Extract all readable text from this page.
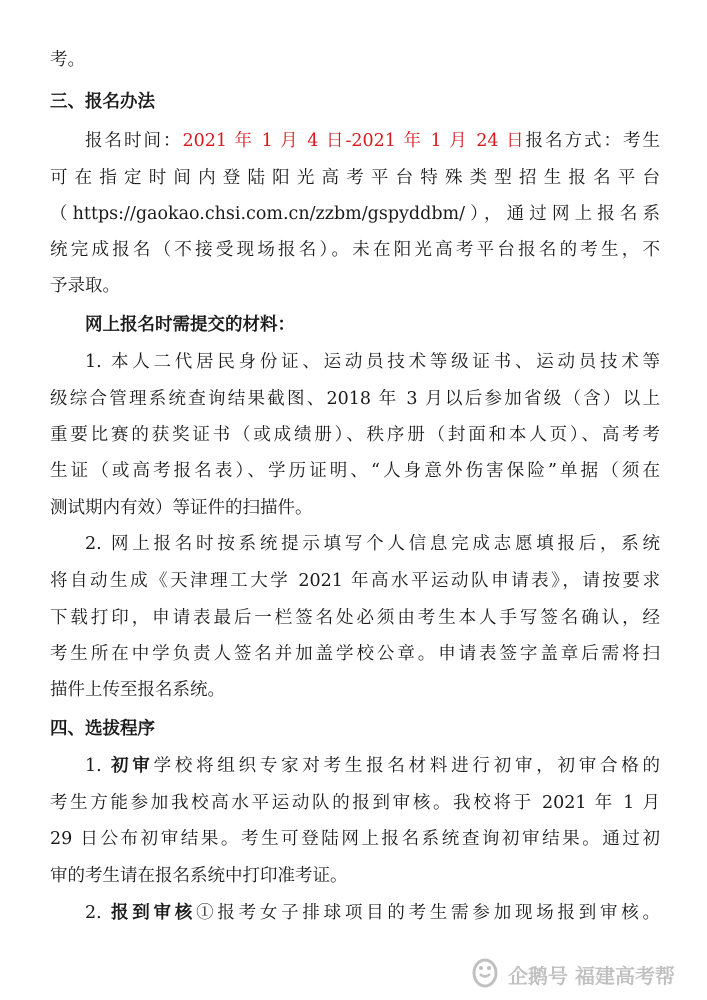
考。
三、报名办法
报名时间：2021 年 1 月 4 日-2021 年 1 月 24 日报名方式：考生
可在指定时间内登陆阳光高考平台特殊类型招生报名平台
（https://gaokao.chsi.com.cn/zzbm/gspyddbm/），通过网上报名系
统完成报名（不接受现场报名）。未在阳光高考平台报名的考生，不
予录取。
网上报名时需提交的材料：
1. 本人二代居民身份证、运动员技术等级证书、运动员技术等
级综合管理系统查询结果截图、2018 年 3 月以后参加省级（含）以上
重要比赛的获奖证书（或成绩册）、秩序册（封面和本人页）、高考考
生证（或高考报名表）、学历证明、“人身意外伤害保险”单据（须在
测试期内有效）等证件的扫描件。
2. 网上报名时按系统提示填写个人信息完成志愿填报后，系统
将自动生成《天津理工大学 2021 年高水平运动队申请表》，请按要求
下载打印，申请表最后一栏签名处必须由考生本人手写签名确认，经
考生所在中学负责人签名并加盖学校公章。申请表签字盖章后需将扫
描件上传至报名系统。
四、选拔程序
1. 初审学校将组织专家对考生报名材料进行初审，初审合格的
考生方能参加我校高水平运动队的报到审核。我校将于 2021 年 1 月
29 日公布初审结果。考生可登陆网上报名系统查询初审结果。通过初
审的考生请在报名系统中打印准考证。
2. 报到审核①报考女子排球项目的考生需参加现场报到审核。
企鹅号 福建高考帮
